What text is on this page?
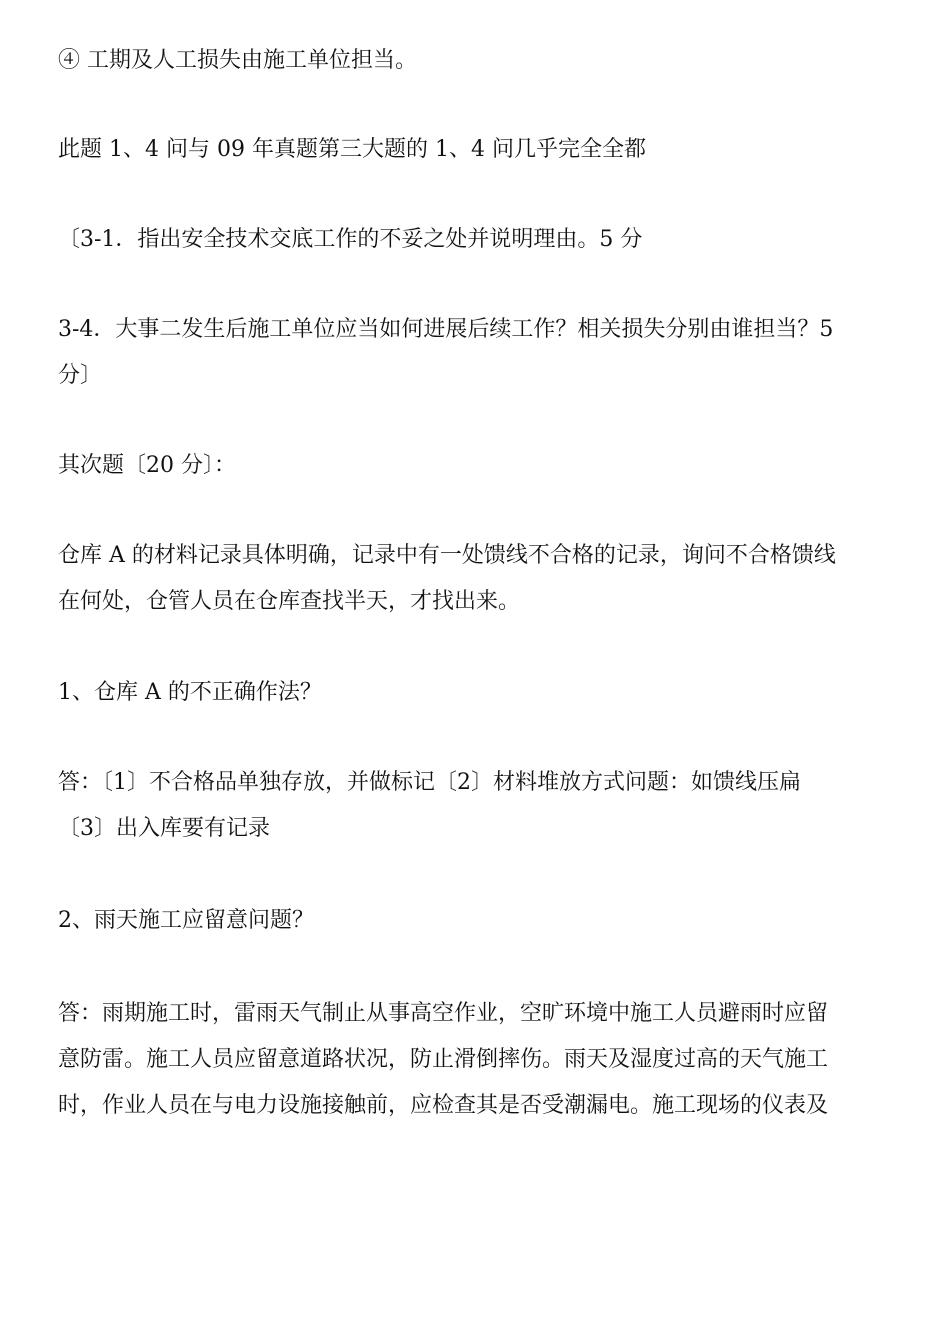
④ 工期及人工损失由施工单位担当。
此题 1、4 问与 09 年真题第三大题的 1、4 问几乎完全全都
〔3-1．指出安全技术交底工作的不妥之处并说明理由。5 分
3-4．大事二发生后施工单位应当如何进展后续工作？相关损失分别由谁担当？5
分〕
其次题〔20 分〕：
仓库 A 的材料记录具体明确，记录中有一处馈线不合格的记录，询问不合格馈线
在何处，仓管人员在仓库查找半天，才找出来。
1、仓库 A 的不正确作法？
答：〔1〕不合格品单独存放，并做标记〔2〕材料堆放方式问题：如馈线压扁
〔3〕出入库要有记录
2、雨天施工应留意问题？
答：雨期施工时，雷雨天气制止从事高空作业，空旷环境中施工人员避雨时应留
意防雷。施工人员应留意道路状况，防止滑倒摔伤。雨天及湿度过高的天气施工
时，作业人员在与电力设施接触前，应检查其是否受潮漏电。施工现场的仪表及
